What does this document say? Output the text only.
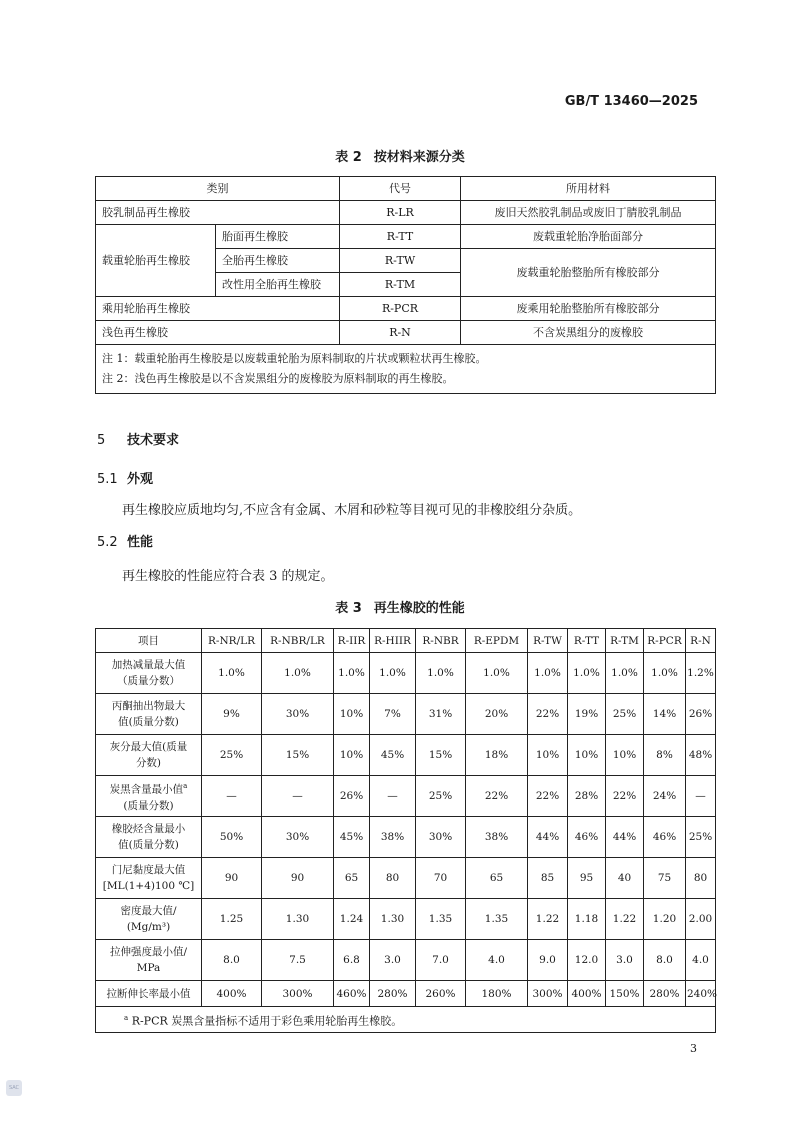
GB/T 13460—2025
表 2 按材料来源分类
类别		代号	所用材料
胶乳制品再生橡胶		R-LR	废旧天然胶乳制品或废旧丁腈胶乳制品
载重轮胎再生橡胶	胎面再生橡胶	R-TT	废载重轮胎净胎面部分
	全胎再生橡胶	R-TW	废载重轮胎整胎所有橡胶部分
	改性用全胎再生橡胶	R-TM	
乘用轮胎再生橡胶		R-PCR	废乘用轮胎整胎所有橡胶部分
浅色再生橡胶		R-N	不含炭黑组分的废橡胶

注 1：载重轮胎再生橡胶是以废载重轮胎为原料制取的片状或颗粒状再生橡胶。
注 2：浅色再生橡胶是以不含炭黑组分的废橡胶为原料制取的再生橡胶。			
5 技术要求
5.1 外观
再生橡胶应质地均匀,不应含有金属、木屑和砂粒等目视可见的非橡胶组分杂质。
5.2 性能
再生橡胶的性能应符合表 3 的规定。
表 3 再生橡胶的性能
项目	R-NR/LR	R-NBR/LR	R-IIR	R-HIIR	R-NBR	R-EPDM	R-TW	R-TT	R-TM	R-PCR	R-N

加热减量最大值
（质量分数）	1.0%	1.0%	1.0%	1.0%	1.0%	1.0%	1.0%	1.0%	1.0%	1.0%	1.2%

丙酮抽出物最大
值(质量分数)	9%	30%	10%	7%	31%	20%	22%	19%	25%	14%	26%

灰分最大值(质量
分数)	25%	15%	10%	45%	15%	18%	10%	10%	10%	8%	48%
炭黑含量最小值$^a$

(质量分数)	—	—	26%	—	25%	22%	22%	28%	22%	24%	—

橡胶烃含量最小
值(质量分数)	50%	30%	45%	38%	30%	38%	44%	46%	44%	46%	25%

门尼黏度最大值
[ML(1+4)100 ℃]	90	90	65	80	70	65	85	95	40	75	80

密度最大值/
(Mg/m³)	1.25	1.30	1.24	1.30	1.35	1.35	1.22	1.18	1.22	1.20	2.00

拉伸强度最小值/
MPa	8.0	7.5	6.8	3.0	7.0	4.0	9.0	12.0	3.0	8.0	4.0

拉断伸长率最小值	400%	300%	460%	280%	260%	180%	300%	400%	150%	280%	240%
$^a$ R-PCR 炭黑含量指标不适用于彩色乘用轮胎再生橡胶。											
3
SAC
